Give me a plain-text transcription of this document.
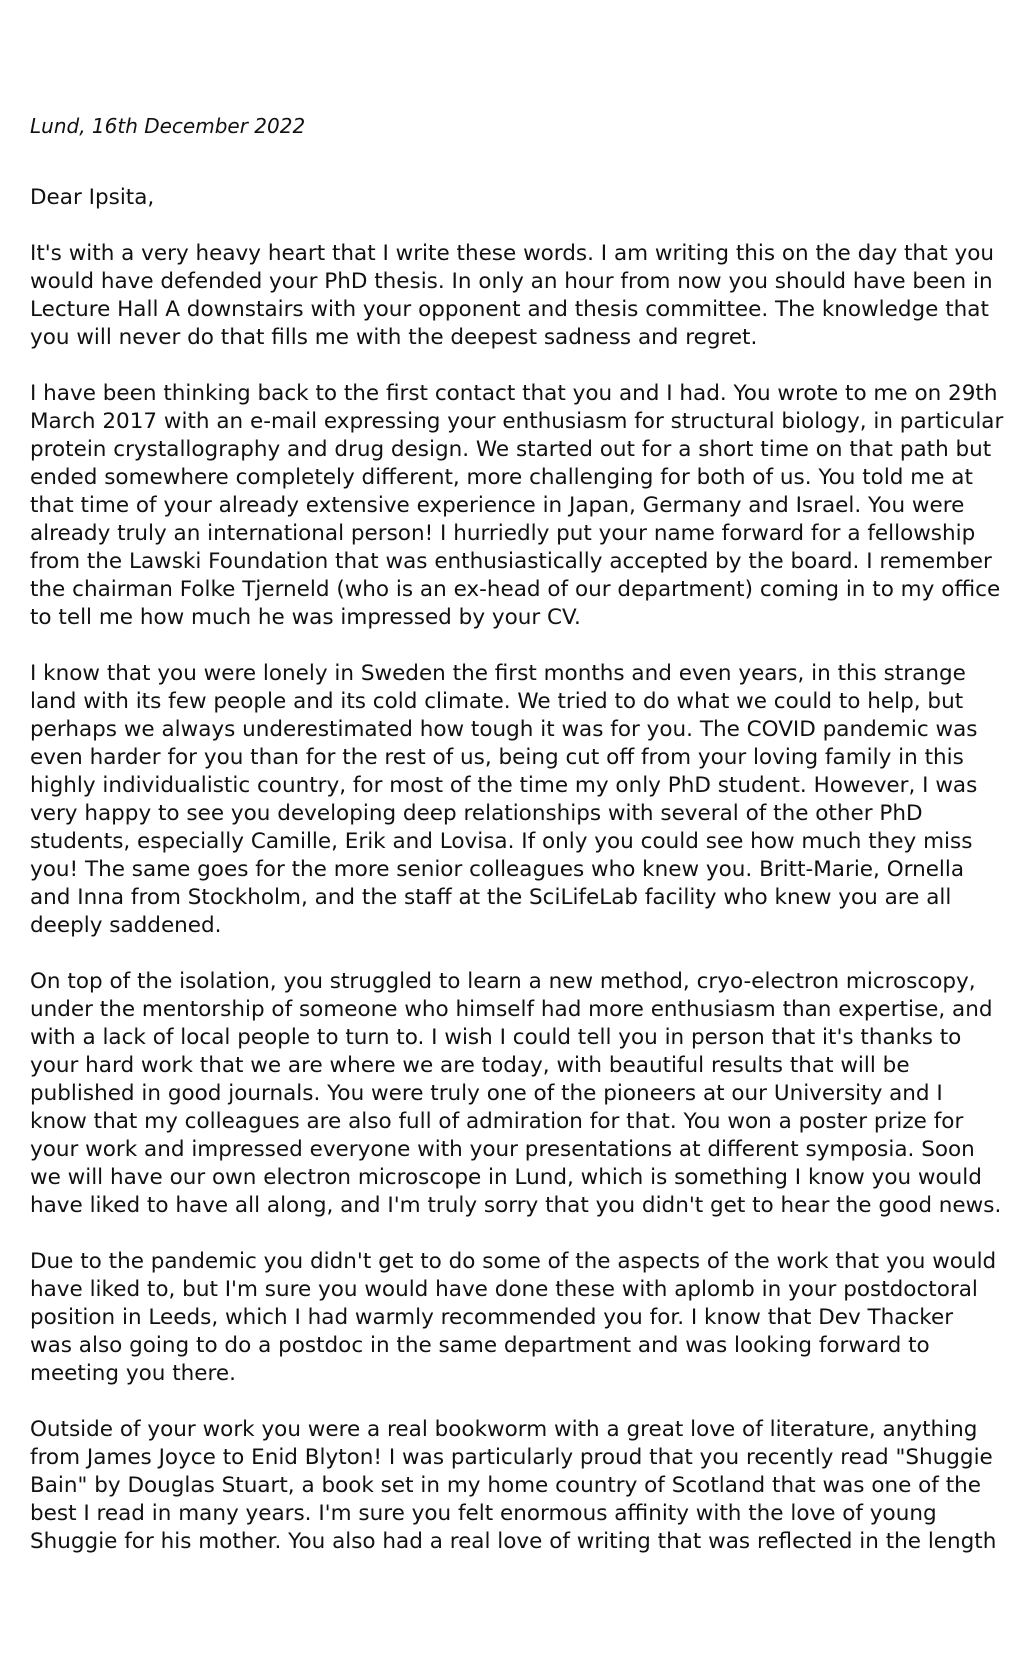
Lund, 16th December 2022
Dear Ipsita,
It's with a very heavy heart that I write these words. I am writing this on the day that you
would have defended your PhD thesis. In only an hour from now you should have been in
Lecture Hall A downstairs with your opponent and thesis committee. The knowledge that
you will never do that fills me with the deepest sadness and regret.
I have been thinking back to the first contact that you and I had. You wrote to me on 29th
March 2017 with an e-mail expressing your enthusiasm for structural biology, in particular
protein crystallography and drug design. We started out for a short time on that path but
ended somewhere completely different, more challenging for both of us. You told me at
that time of your already extensive experience in Japan, Germany and Israel. You were
already truly an international person! I hurriedly put your name forward for a fellowship
from the Lawski Foundation that was enthusiastically accepted by the board. I remember
the chairman Folke Tjerneld (who is an ex-head of our department) coming in to my office
to tell me how much he was impressed by your CV.
I know that you were lonely in Sweden the first months and even years, in this strange
land with its few people and its cold climate. We tried to do what we could to help, but
perhaps we always underestimated how tough it was for you. The COVID pandemic was
even harder for you than for the rest of us, being cut off from your loving family in this
highly individualistic country, for most of the time my only PhD student. However, I was
very happy to see you developing deep relationships with several of the other PhD
students, especially Camille, Erik and Lovisa. If only you could see how much they miss
you! The same goes for the more senior colleagues who knew you. Britt-Marie, Ornella
and Inna from Stockholm, and the staff at the SciLifeLab facility who knew you are all
deeply saddened.
On top of the isolation, you struggled to learn a new method, cryo-electron microscopy,
under the mentorship of someone who himself had more enthusiasm than expertise, and
with a lack of local people to turn to. I wish I could tell you in person that it's thanks to
your hard work that we are where we are today, with beautiful results that will be
published in good journals. You were truly one of the pioneers at our University and I
know that my colleagues are also full of admiration for that. You won a poster prize for
your work and impressed everyone with your presentations at different symposia. Soon
we will have our own electron microscope in Lund, which is something I know you would
have liked to have all along, and I'm truly sorry that you didn't get to hear the good news.
Due to the pandemic you didn't get to do some of the aspects of the work that you would
have liked to, but I'm sure you would have done these with aplomb in your postdoctoral
position in Leeds, which I had warmly recommended you for. I know that Dev Thacker
was also going to do a postdoc in the same department and was looking forward to
meeting you there.
Outside of your work you were a real bookworm with a great love of literature, anything
from James Joyce to Enid Blyton! I was particularly proud that you recently read "Shuggie
Bain" by Douglas Stuart, a book set in my home country of Scotland that was one of the
best I read in many years. I'm sure you felt enormous affinity with the love of young
Shuggie for his mother. You also had a real love of writing that was reflected in the length
